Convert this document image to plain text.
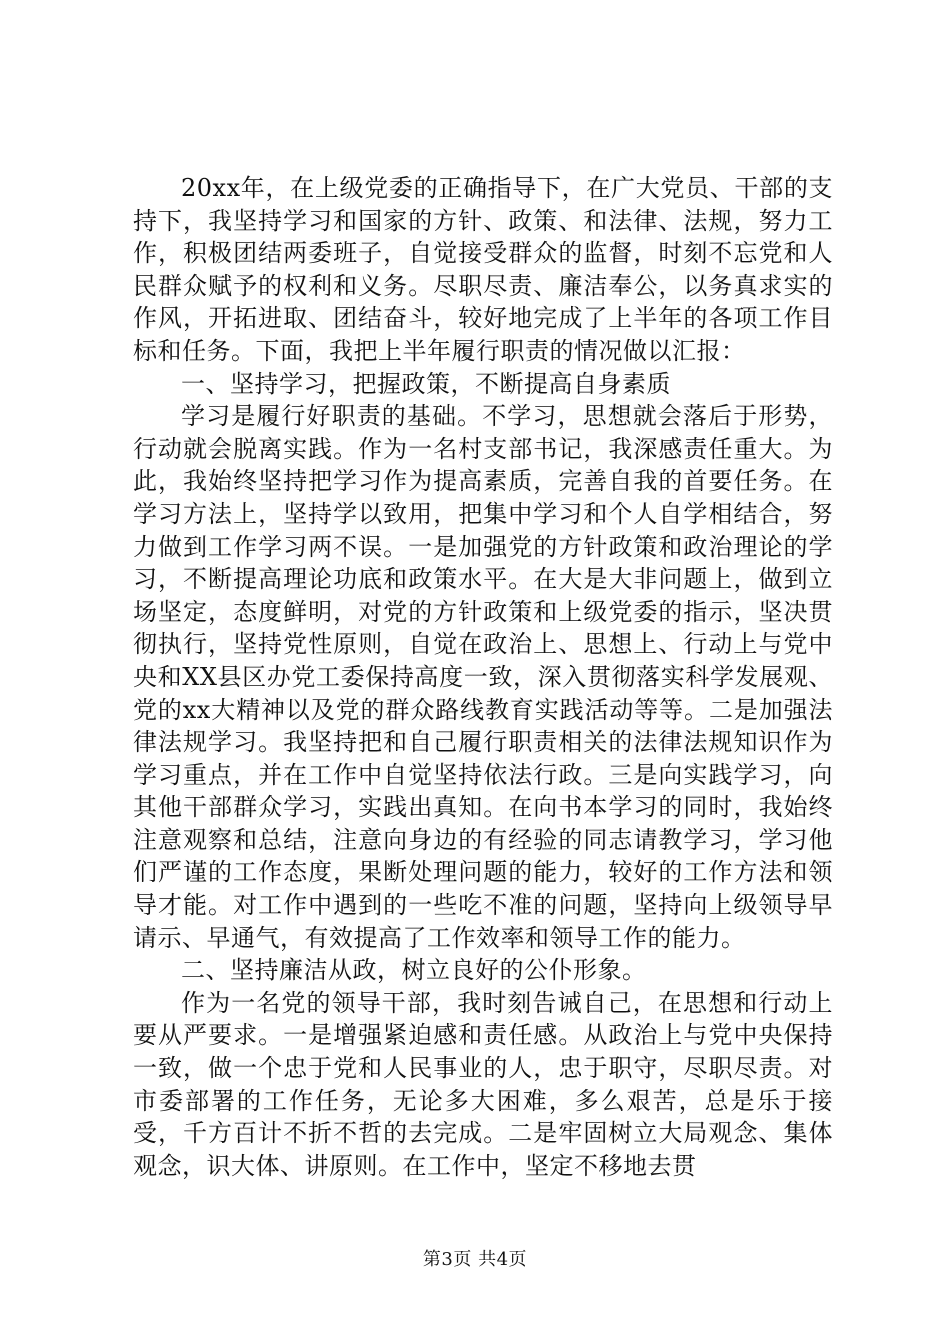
20xx年，在上级党委的正确指导下，在广大党员、干部的支持下，我坚持学习和国家的方针、政策、和法律、法规，努力工作，积极团结两委班子，自觉接受群众的监督，时刻不忘党和人民群众赋予的权利和义务。尽职尽责、廉洁奉公，以务真求实的作风，开拓进取、团结奋斗，较好地完成了上半年的各项工作目标和任务。下面，我把上半年履行职责的情况做以汇报：

一、坚持学习，把握政策，不断提高自身素质

学习是履行好职责的基础。不学习，思想就会落后于形势，行动就会脱离实践。作为一名村支部书记，我深感责任重大。为此，我始终坚持把学习作为提高素质，完善自我的首要任务。在学习方法上，坚持学以致用，把集中学习和个人自学相结合，努力做到工作学习两不误。一是加强党的方针政策和政治理论的学习，不断提高理论功底和政策水平。在大是大非问题上，做到立场坚定，态度鲜明，对党的方针政策和上级党委的指示，坚决贯彻执行，坚持党性原则，自觉在政治上、思想上、行动上与党中央和XX县区办党工委保持高度一致，深入贯彻落实科学发展观、党的xx大精神以及党的群众路线教育实践活动等等。二是加强法律法规学习。我坚持把和自己履行职责相关的法律法规知识作为学习重点，并在工作中自觉坚持依法行政。三是向实践学习，向其他干部群众学习，实践出真知。在向书本学习的同时，我始终注意观察和总结，注意向身边的有经验的同志请教学习，学习他们严谨的工作态度，果断处理问题的能力，较好的工作方法和领导才能。对工作中遇到的一些吃不准的问题，坚持向上级领导早请示、早通气，有效提高了工作效率和领导工作的能力。

二、坚持廉洁从政，树立良好的公仆形象。

作为一名党的领导干部，我时刻告诫自己，在思想和行动上要从严要求。一是增强紧迫感和责任感。从政治上与党中央保持一致，做一个忠于党和人民事业的人，忠于职守，尽职尽责。对市委部署的工作任务，无论多大困难，多么艰苦，总是乐于接受，千方百计不折不哲的去完成。二是牢固树立大局观念、集体观念，识大体、讲原则。在工作中，坚定不移地去贯

第3页 共4页
